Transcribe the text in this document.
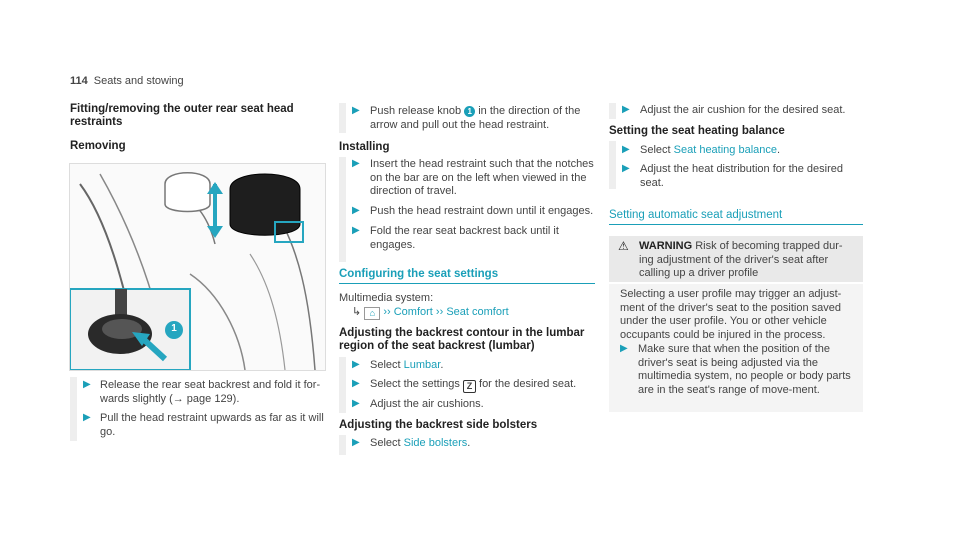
114 Seats and stowing
Fitting/removing the outer rear seat head restraints
Removing
1
▶ Release the rear seat backrest and fold it for-wards slightly (→ page 129).
▶ Pull the head restraint upwards as far as it will go.
▶ Push release knob 1 in the direction of the arrow and pull out the head restraint.
Installing
▶ Insert the head restraint such that the notches on the bar are on the left when viewed in the direction of travel.
▶ Push the head restraint down until it engages.
▶ Fold the rear seat backrest back until it engages.
Configuring the seat settings
Multimedia system:
↳ ⌂ ›› Comfort ›› Seat comfort
Adjusting the backrest contour in the lumbar region of the seat backrest (lumbar)
▶ Select Lumbar.
▶ Select the settings Z for the desired seat.
▶ Adjust the air cushions.
Adjusting the backrest side bolsters
▶ Select Side bolsters.
▶ Adjust the air cushion for the desired seat.
Setting the seat heating balance
▶ Select Seat heating balance.
▶ Adjust the heat distribution for the desired seat.
Setting automatic seat adjustment
⚠ WARNING Risk of becoming trapped dur-ing adjustment of the driver's seat after calling up a driver profile
Selecting a user profile may trigger an adjust-ment of the driver's seat to the position saved under the user profile. You or other vehicle occupants could be injured in the process.
▶ Make sure that when the position of the driver's seat is being adjusted via the multimedia system, no people or body parts are in the seat's range of move-ment.
